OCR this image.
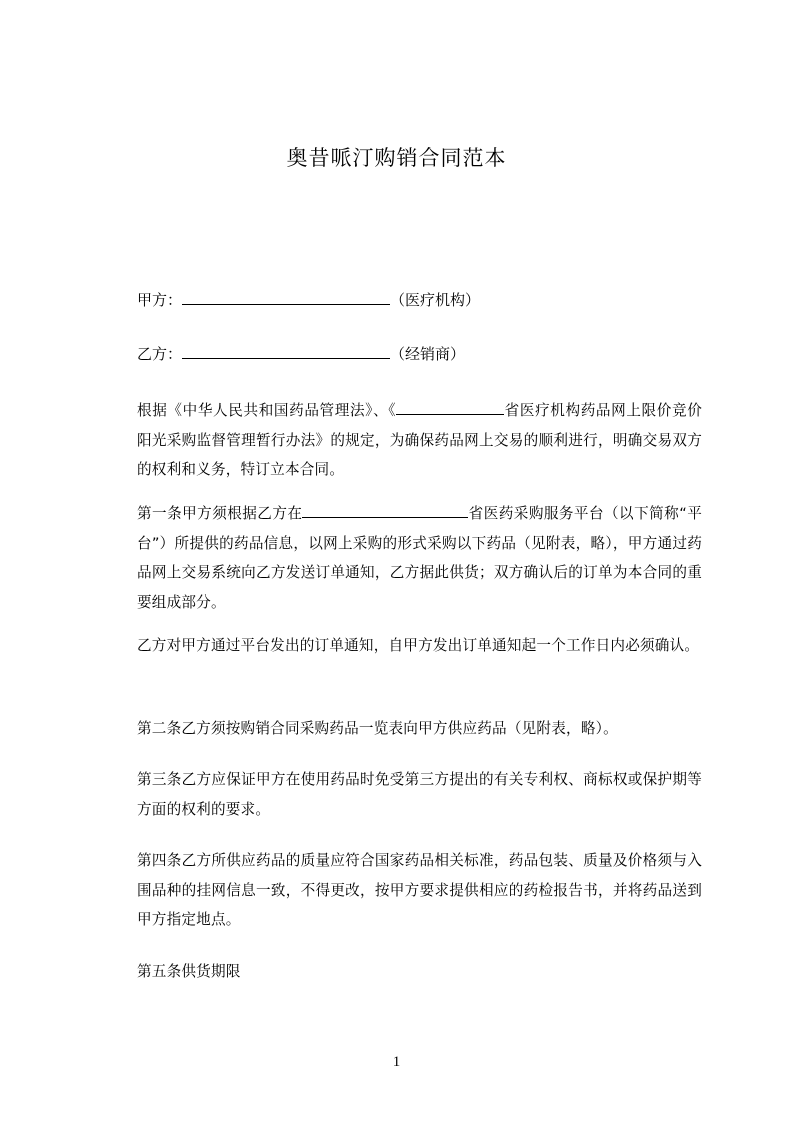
奥昔哌汀购销合同范本
甲方：	（医疗机构）
乙方：	（经销商）

根据《中华人民共和国药品管理法》、《	省医疗机构药品网上限价竞价阳光采购监督管理暂行办法》的规定，为确保药品网上交易的顺利进行，明确交易双方的权利和义务，特订立本合同。

第一条甲方须根据乙方在	省医药采购服务平台（以下简称“平台”）所提供的药品信息，以网上采购的形式采购以下药品（见附表，略），甲方通过药品网上交易系统向乙方发送订单通知，乙方据此供货；双方确认后的订单为本合同的重要组成部分。

乙方对甲方通过平台发出的订单通知，自甲方发出订单通知起一个工作日内必须确认。

第二条乙方须按购销合同采购药品一览表向甲方供应药品（见附表，略）。

第三条乙方应保证甲方在使用药品时免受第三方提出的有关专利权、商标权或保护期等方面的权利的要求。

第四条乙方所供应药品的质量应符合国家药品相关标准，药品包装、质量及价格须与入围品种的挂网信息一致，不得更改，按甲方要求提供相应的药检报告书，并将药品送到甲方指定地点。

第五条供货期限

1
